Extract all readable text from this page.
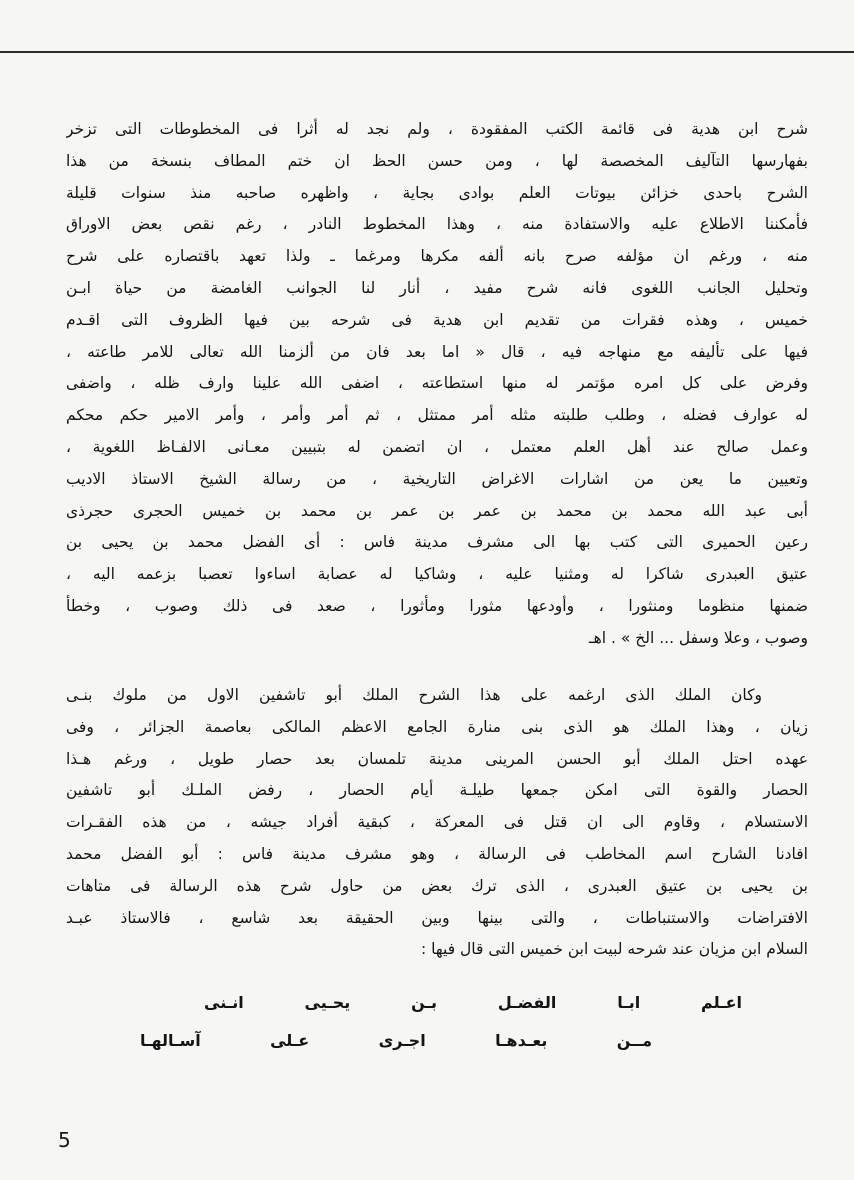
شرح ابن هدية فى قائمة الكتب المفقودة ، ولم نجد له أثرا فى المخطوطات التى تزخر
بفهارسها التآليف المخصصة لها ، ومن حسن الحظ ان ختم المطاف بنسخة من هذا
الشرح باحدى خزائن بيوتات العلم بوادى بجاية ، واظهره صاحبه منذ سنوات قليلة
فأمكننا الاطلاع عليه والاستفادة منه ، وهذا المخطوط النادر ، رغم نقص بعض الاوراق
منه ، ورغم ان مؤلفه صرح بانه ألفه مكرها ومرغما ـ ولذا تعهد باقتصاره على شرح
وتحليل الجانب اللغوى فانه شرح مفيد ، أنار لنا الجوانب الغامضة من حياة ابـن
خميس ، وهذه فقرات من تقديم ابن هدية فى شرحه بين فيها الظروف التى اقـدم
فيها على تأليفه مع منهاجه فيه ، قال « اما بعد فان من ألزمنا الله تعالى للامر طاعته ،
وفرض على كل امره مؤتمر له منها استطاعته ، اضفى الله علينا وارف ظله ، واضفى
له عوارف فضله ، وطلب طلبته مثله أمر ممتثل ، ثم أمر وأمر ، وأمر الامير حكم محكم
وعمل صالح عند أهل العلم معتمل ، ان اتضمن له بتبيين معـانى الالفـاظ اللغوية ،
وتعيين ما يعن من اشارات الاغراض التاريخية ، من رسالة الشيخ الاستاذ الاديب
أبى عبد الله محمد بن محمد بن عمر بن عمر بن محمد بن خميس الحجرى حجرذى
رعين الحميرى التى كتب بها الى مشرف مدينة فاس : أى الفضل محمد بن يحيى بن
عتيق العبدرى شاكرا له ومثنيا عليه ، وشاكيا له عصابة اساءوا تعصبا بزعمه اليه ،
ضمنها منظوما ومنثورا ، وأودعها مثورا ومأثورا ، صعد فى ذلك وصوب ، وخطأ
وصوب ، وعلا وسفل ... الخ » . اهـ
وكان الملك الذى ارغمه على هذا الشرح الملك أبو تاشفين الاول من ملوك بنـى
زيان ، وهذا الملك هو الذى بنى منارة الجامع الاعظم المالكى بعاصمة الجزائر ، وفى
عهده احتل الملك أبو الحسن المرينى مدينة تلمسان بعد حصار طويل ، ورغم هـذا
الحصار والقوة التى امكن جمعها طيلـة أيام الحصار ، رفض الملـك أبو تاشفين
الاستسلام ، وقاوم الى ان قتل فى المعركة ، كبقية أفراد جيشه ، من هذه الفقـرات
افادنا الشارح اسم المخاطب فى الرسالة ، وهو مشرف مدينة فاس : أبو الفضل محمد
بن يحيى بن عتيق العبدرى ، الذى ترك بعض من حاول شرح هذه الرسالة فى متاهات
الافتراضات والاستنباطات ، والتى بينها وبين الحقيقة بعد شاسع ، فالاستاذ عبـد
السلام ابن مزيان عند شرحه لبيت ابن خميس التى قال فيها :
اعـلم ابـا الفضـل بـن يحـيى انـنى
مــن بعـدهـا اجـرى عـلى آسـالهـا
5
